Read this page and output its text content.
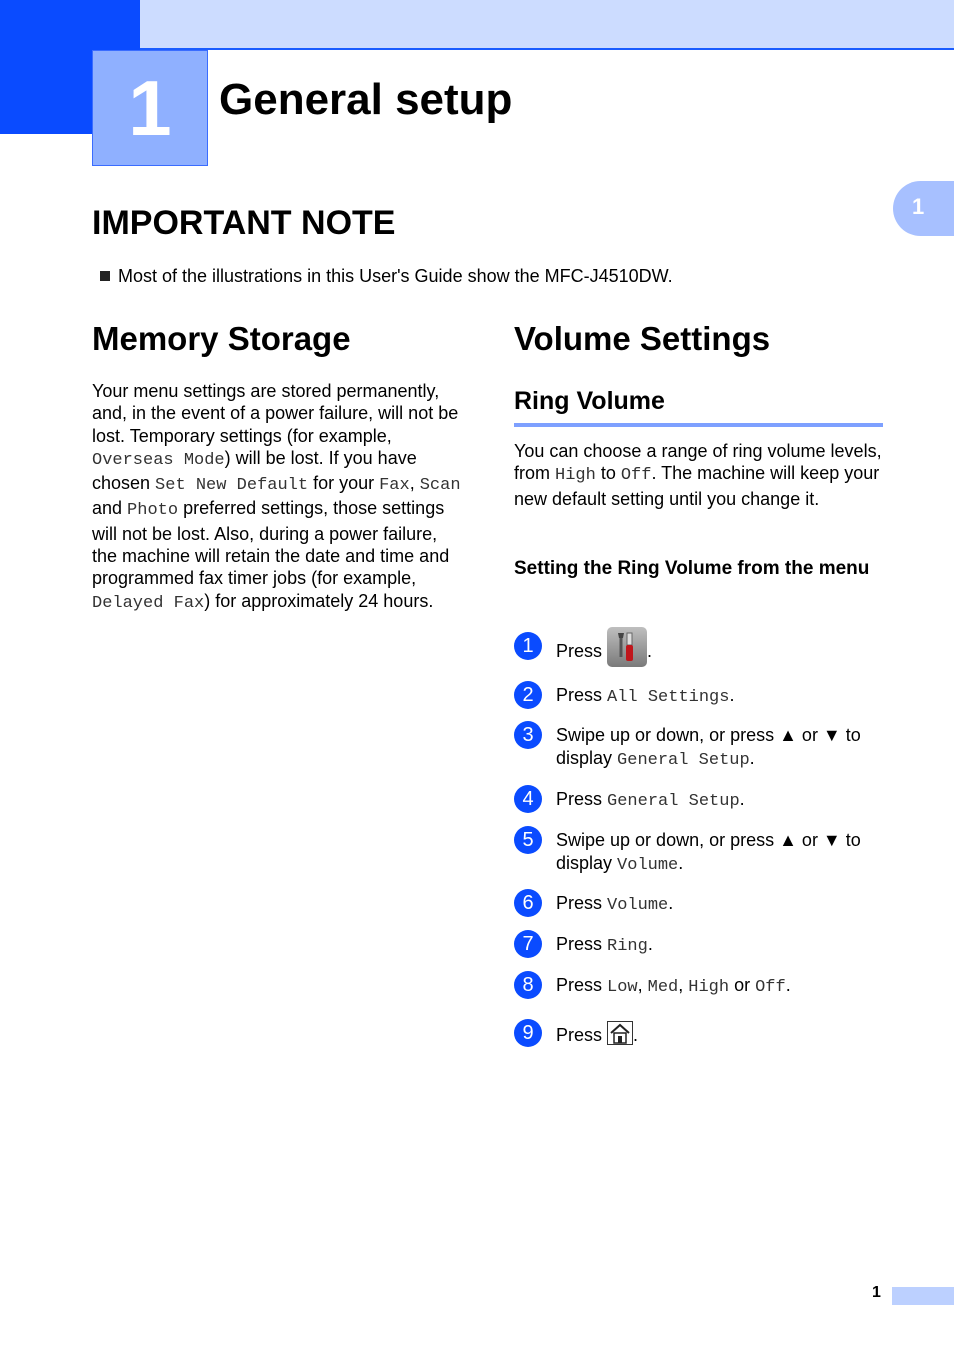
1	General setup
1
IMPORTANT NOTE
Most of the illustrations in this User's Guide show the MFC-J4510DW.
Memory Storage
Your menu settings are stored permanently, and, in the event of a power failure, will not be lost. Temporary settings (for example, Overseas Mode) will be lost. If you have chosen Set New Default for your Fax, Scan and Photo preferred settings, those settings will not be lost. Also, during a power failure, the machine will retain the date and time and programmed fax timer jobs (for example, Delayed Fax) for approximately 24 hours.
Volume Settings
Ring Volume
You can choose a range of ring volume levels, from High to Off. The machine will keep your new default setting until you change it.
Setting the Ring Volume from the menu
1	Press	.
2	Press All Settings.
3	Swipe up or down, or press ▲ or ▼ to
display General Setup.
4	Press General Setup.
5	Swipe up or down, or press ▲ or ▼ to
display Volume.
6	Press Volume.
7	Press Ring.
8	Press Low, Med, High or Off.
9	Press .
1
